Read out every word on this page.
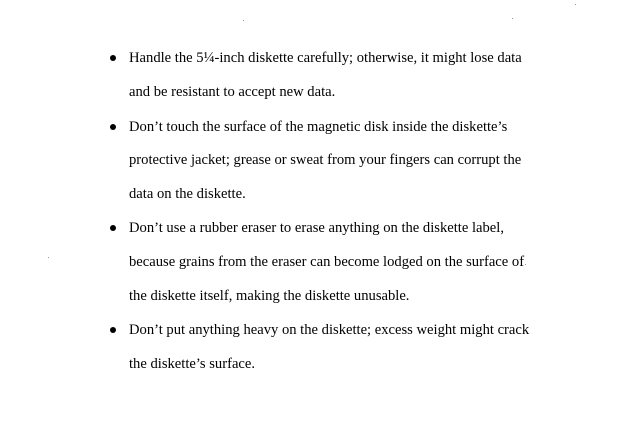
Handle the 5¼-inch diskette carefully; otherwise, it might lose data
and be resistant to accept new data.
Don’t touch the surface of the magnetic disk inside the diskette’s
protective jacket; grease or sweat from your fingers can corrupt the
data on the diskette.
Don’t use a rubber eraser to erase anything on the diskette label,
because grains from the eraser can become lodged on the surface of
the diskette itself, making the diskette unusable.
Don’t put anything heavy on the diskette; excess weight might crack
the diskette’s surface.
